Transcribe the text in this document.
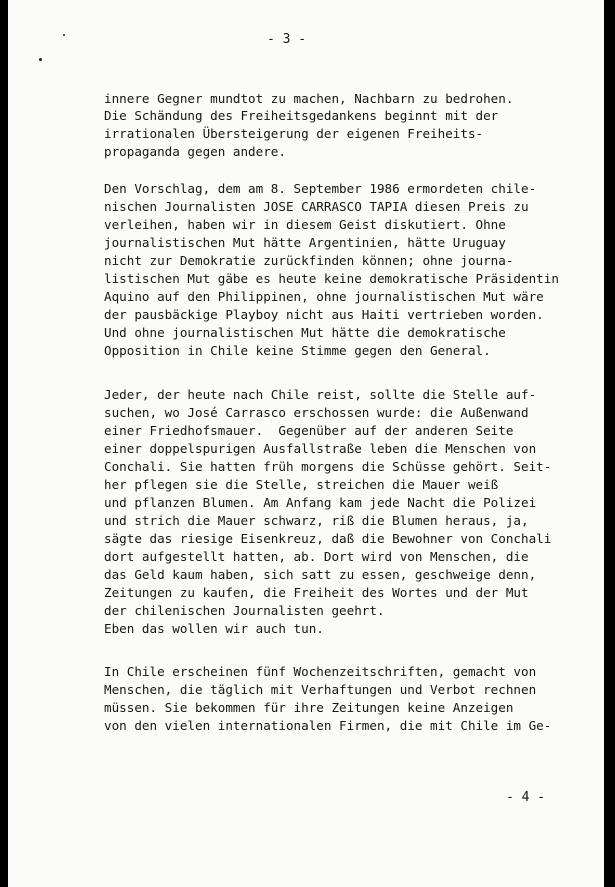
- 3 -
innere Gegner mundtot zu machen, Nachbarn zu bedrohen.
Die Schändung des Freiheitsgedankens beginnt mit der
irrationalen Übersteigerung der eigenen Freiheits-
propaganda gegen andere.
Den Vorschlag, dem am 8. September 1986 ermordeten chile-
nischen Journalisten JOSE CARRASCO TAPIA diesen Preis zu
verleihen, haben wir in diesem Geist diskutiert. Ohne
journalistischen Mut hätte Argentinien, hätte Uruguay
nicht zur Demokratie zurückfinden können; ohne journa-
listischen Mut gäbe es heute keine demokratische Präsidentin
Aquino auf den Philippinen, ohne journalistischen Mut wäre
der pausbäckige Playboy nicht aus Haiti vertrieben worden.
Und ohne journalistischen Mut hätte die demokratische
Opposition in Chile keine Stimme gegen den General.
Jeder, der heute nach Chile reist, sollte die Stelle auf-
suchen, wo José Carrasco erschossen wurde: die Außenwand
einer Friedhofsmauer.  Gegenüber auf der anderen Seite
einer doppelspurigen Ausfallstraße leben die Menschen von
Conchali. Sie hatten früh morgens die Schüsse gehört. Seit-
her pflegen sie die Stelle, streichen die Mauer weiß
und pflanzen Blumen. Am Anfang kam jede Nacht die Polizei
und strich die Mauer schwarz, riß die Blumen heraus, ja,
sägte das riesige Eisenkreuz, daß die Bewohner von Conchali
dort aufgestellt hatten, ab. Dort wird von Menschen, die
das Geld kaum haben, sich satt zu essen, geschweige denn,
Zeitungen zu kaufen, die Freiheit des Wortes und der Mut
der chilenischen Journalisten geehrt.
Eben das wollen wir auch tun.
In Chile erscheinen fünf Wochenzeitschriften, gemacht von
Menschen, die täglich mit Verhaftungen und Verbot rechnen
müssen. Sie bekommen für ihre Zeitungen keine Anzeigen
von den vielen internationalen Firmen, die mit Chile im Ge-
- 4 -
